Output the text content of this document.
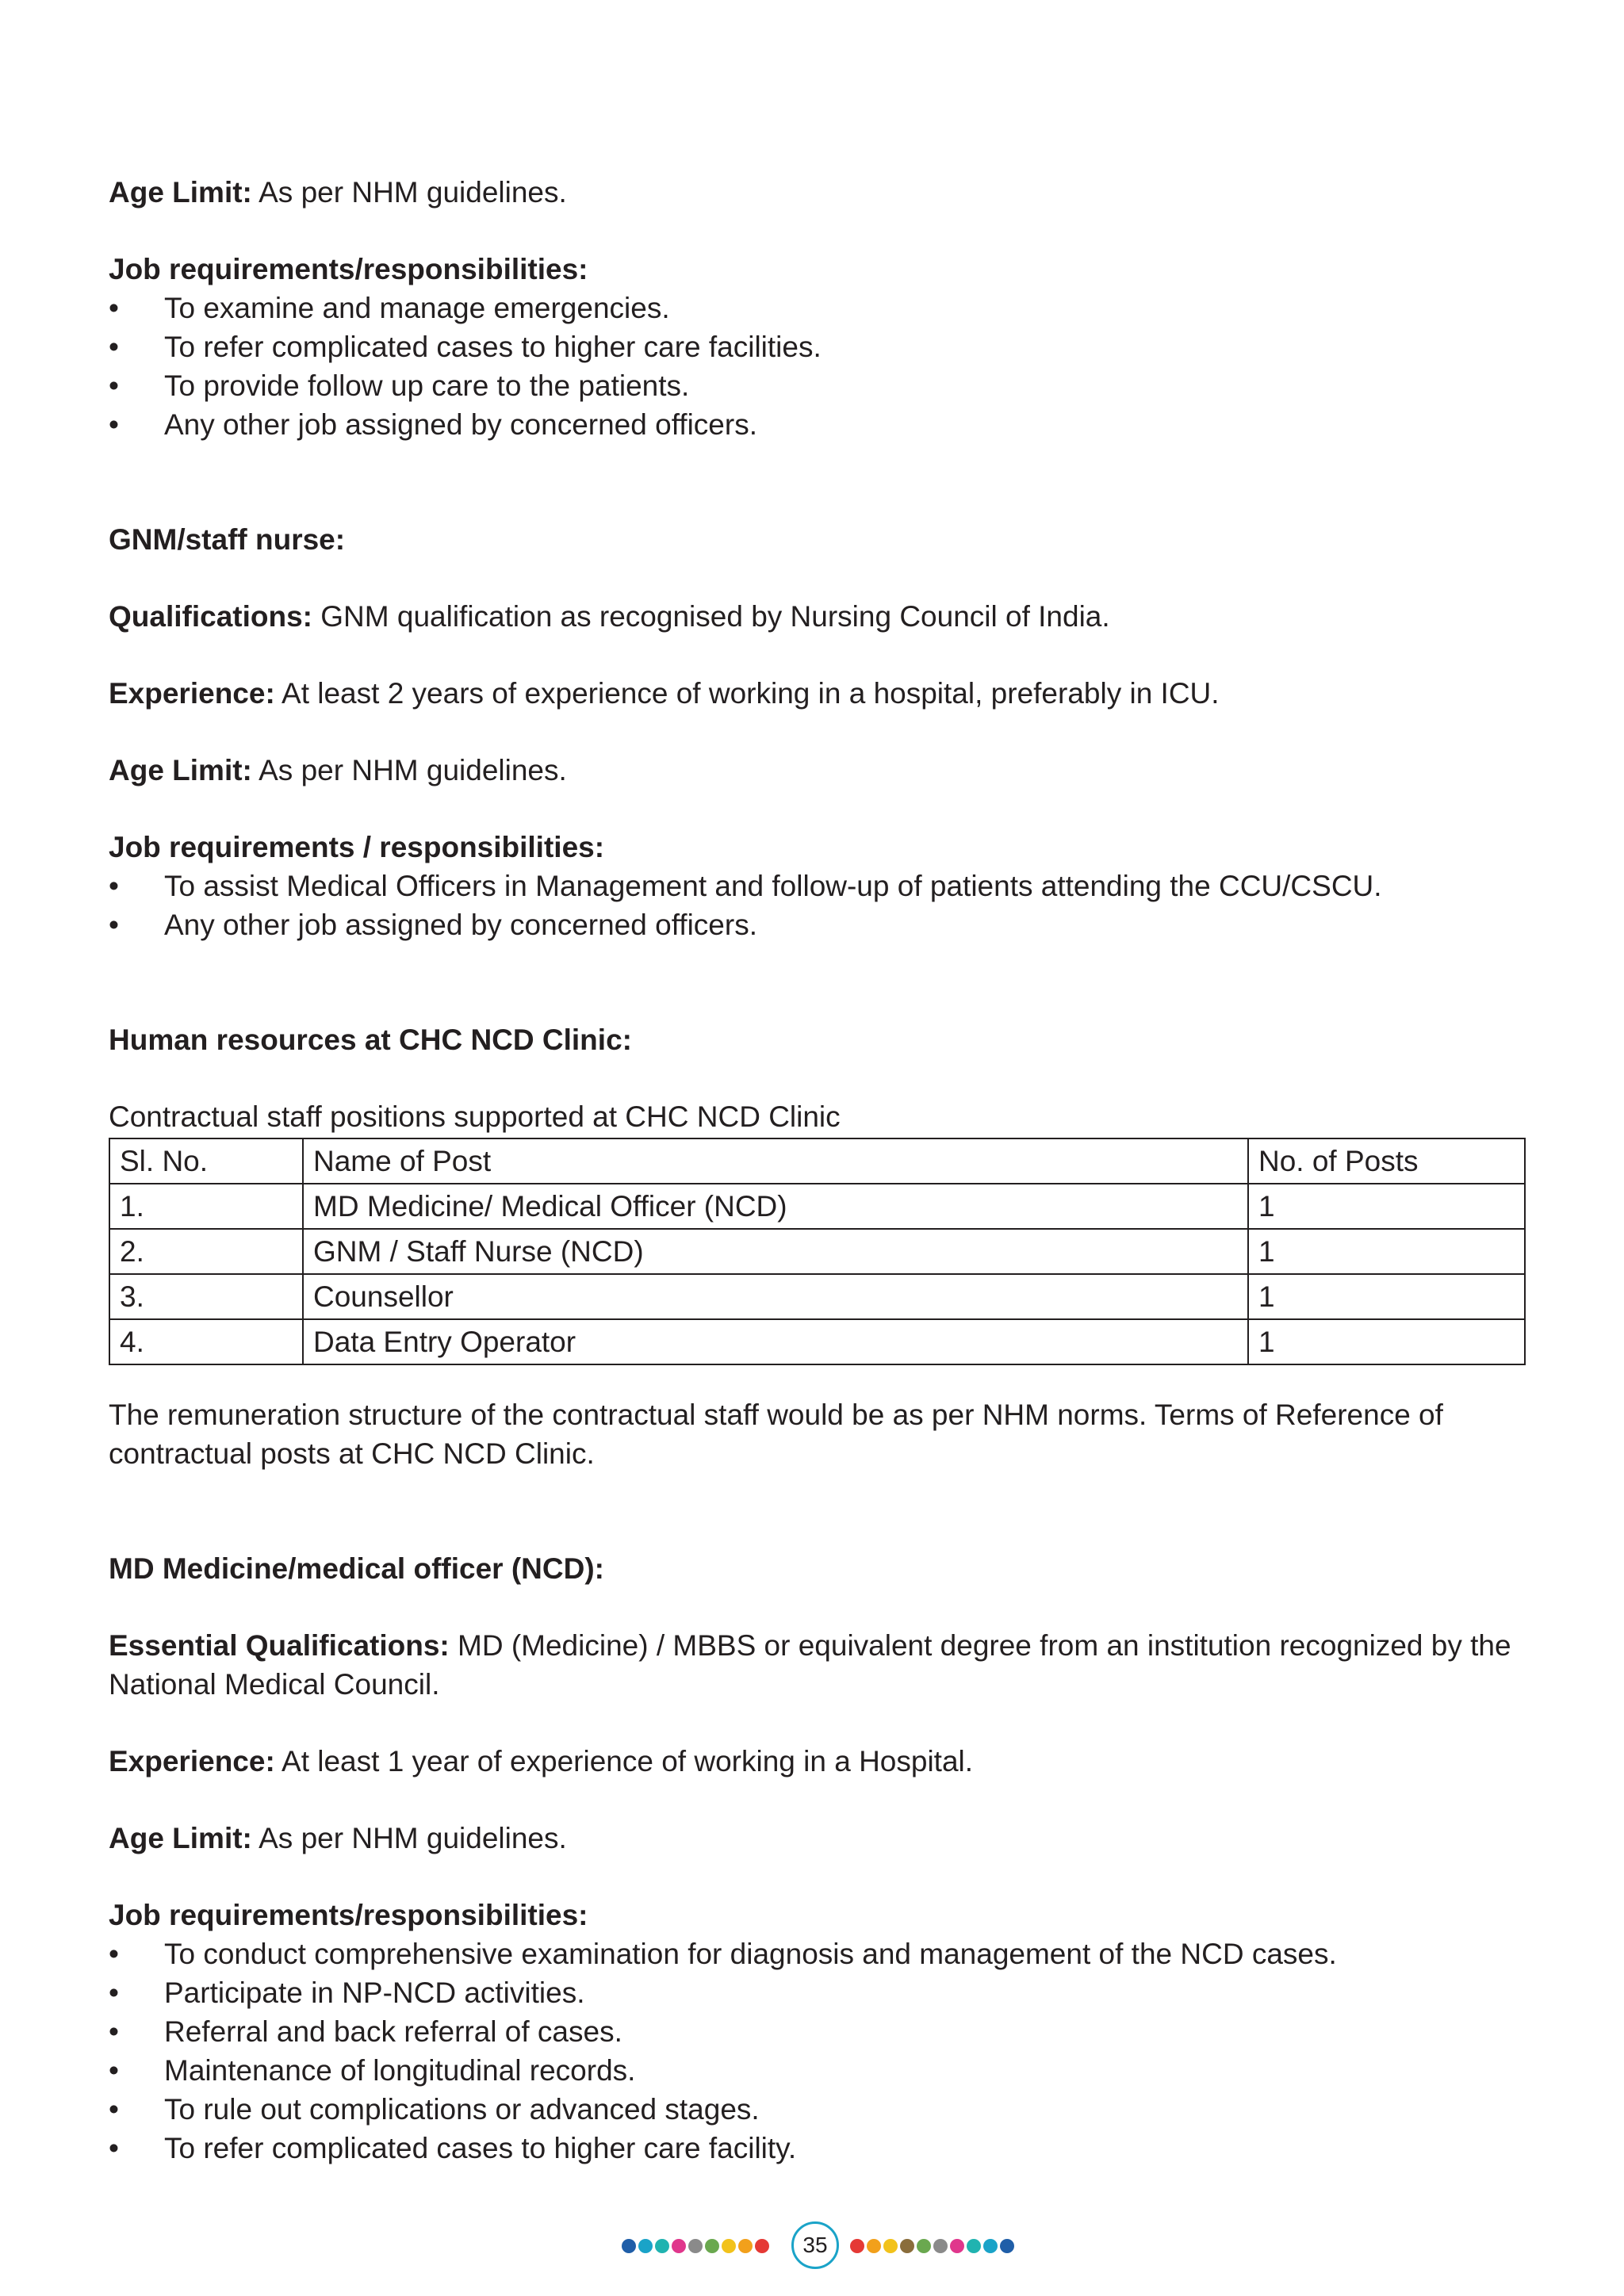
Age Limit: As per NHM guidelines.

Job requirements/responsibilities:

• To examine and manage emergencies.
• To refer complicated cases to higher care facilities.
• To provide follow up care to the patients.
• Any other job assigned by concerned officers.

GNM/staff nurse:

Qualifications: GNM qualification as recognised by Nursing Council of India.

Experience: At least 2 years of experience of working in a hospital, preferably in ICU.

Age Limit: As per NHM guidelines.

Job requirements / responsibilities:

• To assist Medical Officers in Management and follow-up of patients attending the CCU/CSCU.
• Any other job assigned by concerned officers.

Human resources at CHC NCD Clinic:

Contractual staff positions supported at CHC NCD Clinic

Sl. No.	Name of Post	No. of Posts
1.	MD Medicine/ Medical Officer (NCD)	1
2.	GNM / Staff Nurse (NCD)	1
3.	Counsellor	1
4.	Data Entry Operator	1

The remuneration structure of the contractual staff would be as per NHM norms. Terms of Reference of contractual posts at CHC NCD Clinic.

MD Medicine/medical officer (NCD):

Essential Qualifications: MD (Medicine) / MBBS or equivalent degree from an institution recognized by the National Medical Council.

Experience: At least 1 year of experience of working in a Hospital.

Age Limit: As per NHM guidelines.

Job requirements/responsibilities:

• To conduct comprehensive examination for diagnosis and management of the NCD cases.
• Participate in NP-NCD activities.
• Referral and back referral of cases.
• Maintenance of longitudinal records.
• To rule out complications or advanced stages.
• To refer complicated cases to higher care facility.
35
